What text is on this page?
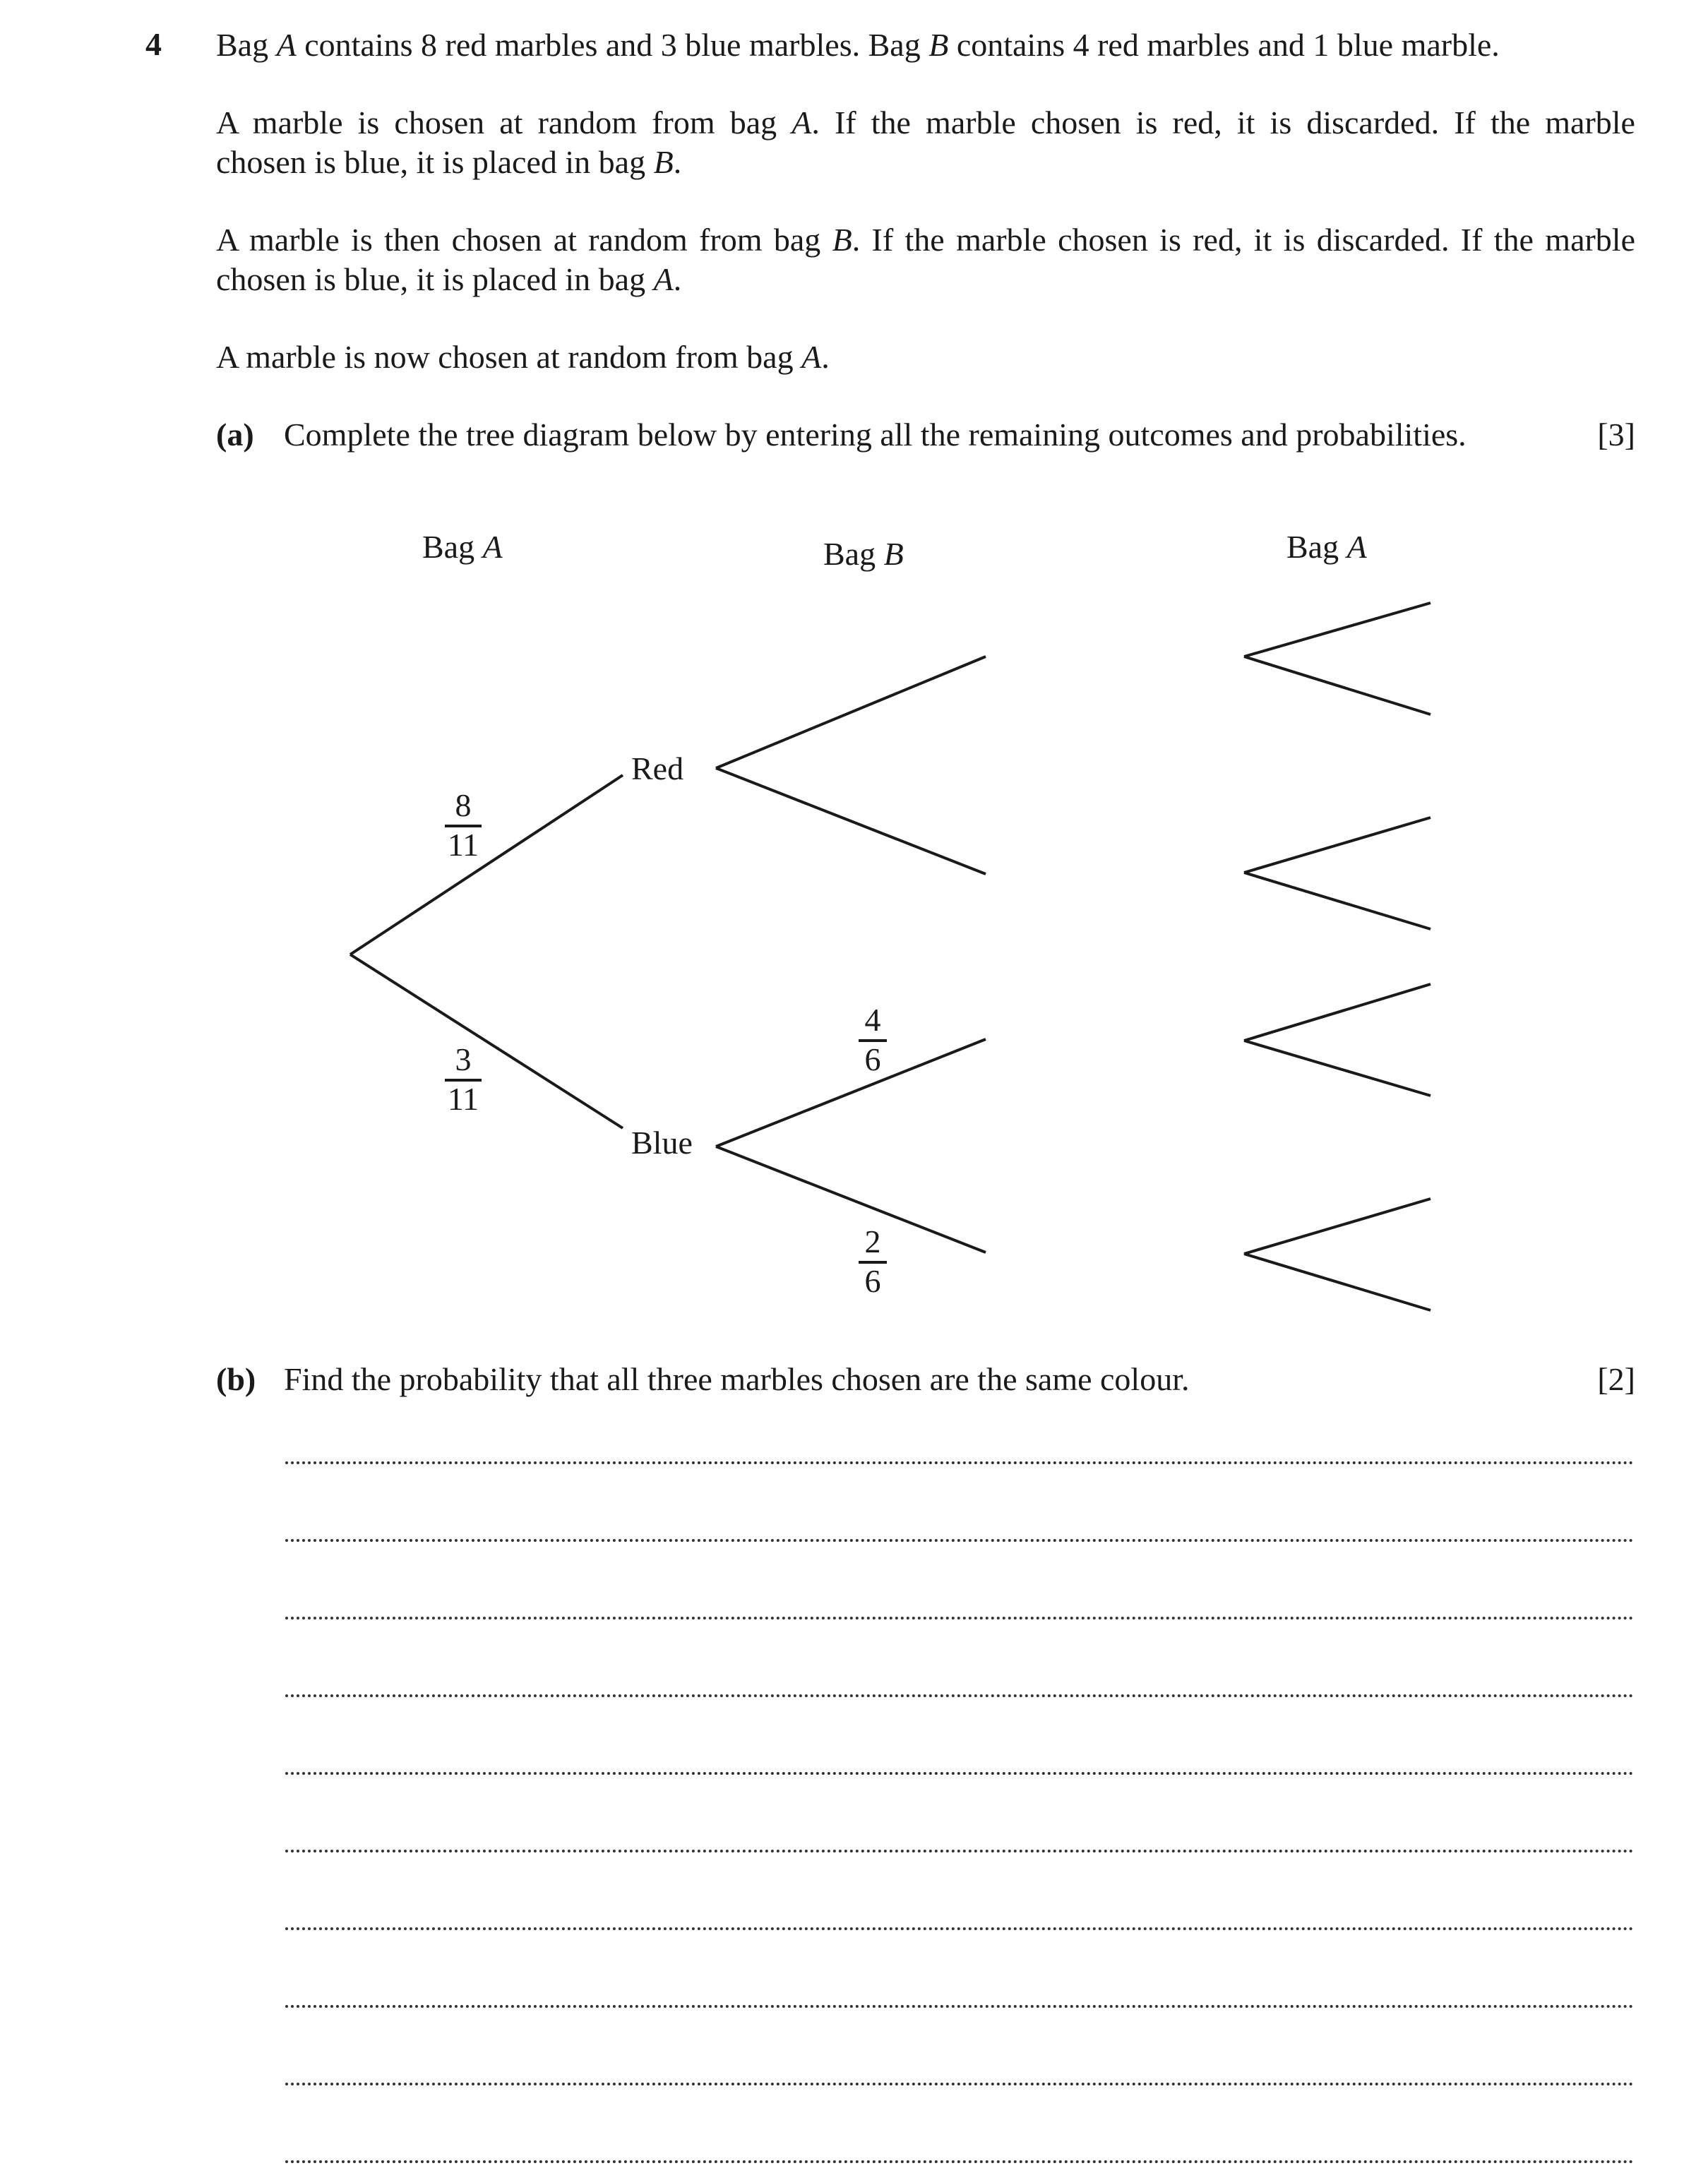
4 Bag A contains 8 red marbles and 3 blue marbles. Bag B contains 4 red marbles and 1 blue marble.

A marble is chosen at random from bag A. If the marble chosen is red, it is discarded. If the marble
chosen is blue, it is placed in bag B.

A marble is then chosen at random from bag B. If the marble chosen is red, it is discarded. If the marble
chosen is blue, it is placed in bag A.

A marble is now chosen at random from bag A.

(a) Complete the tree diagram below by entering all the remaining outcomes and probabilities.	[3]
Bag A	Bag B	Bag A
Red
Blue
8
11
3
11
4
6
2
6
(b) Find the probability that all three marbles chosen are the same colour.	[2]
